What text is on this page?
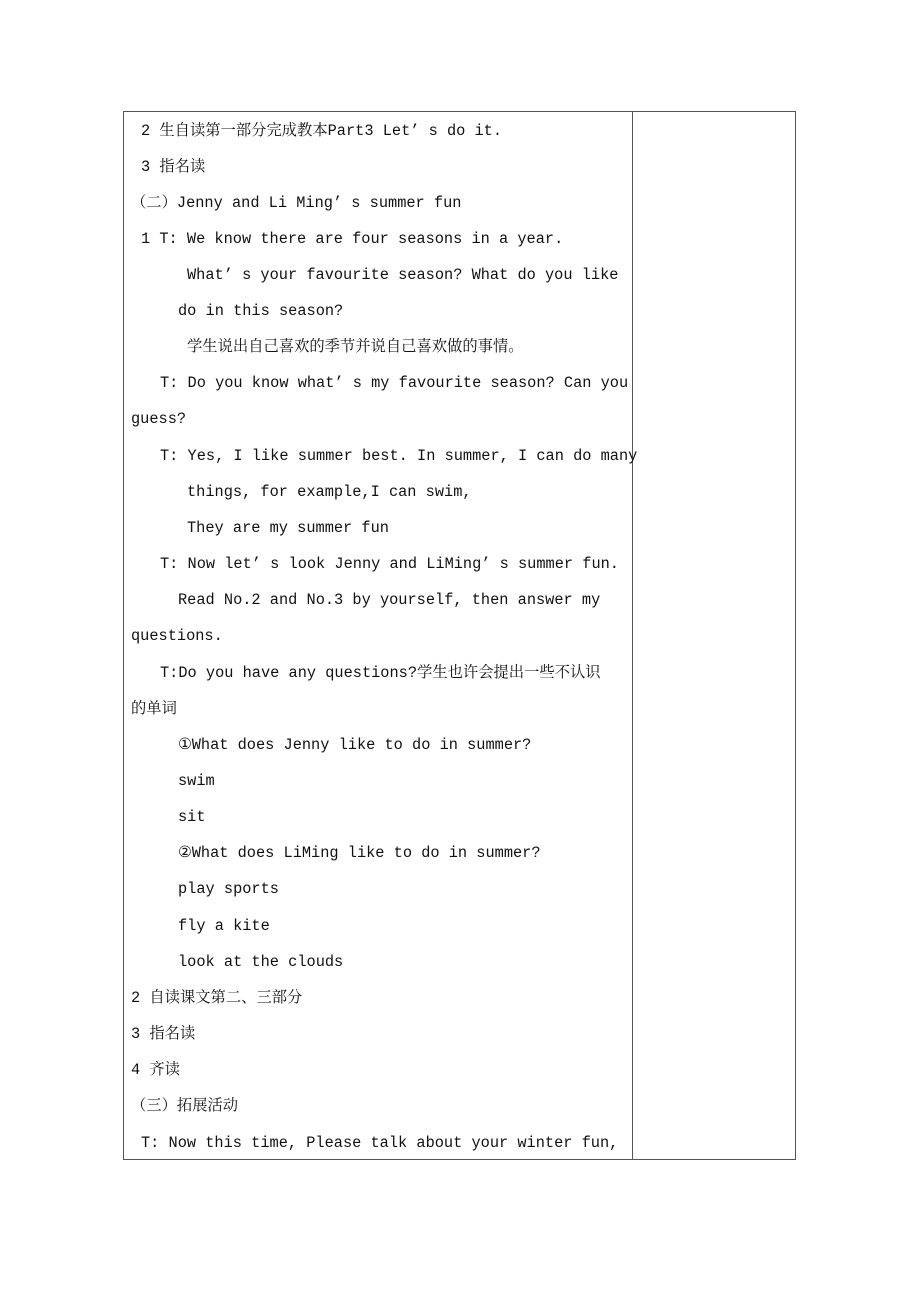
2 生自读第一部分完成教本Part3 Let’ s do it.
3 指名读
（二）Jenny and Li Ming’ s summer fun
1 T: We know there are four seasons in a year.
What’ s your favourite season? What do you like
do in this season?
学生说出自己喜欢的季节并说自己喜欢做的事情。
T: Do you know what’ s my favourite season? Can you
guess?
T: Yes, I like summer best. In summer, I can do many
things, for example,I can swim,
They are my summer fun
T: Now let’ s look Jenny and LiMing’ s summer fun.
Read No.2 and No.3 by yourself, then answer my
questions.
T:Do you have any questions?学生也许会提出一些不认识
的单词
①What does Jenny like to do in summer?
swim
sit
②What does LiMing like to do in summer?
play sports
fly a kite
look at the clouds
2 自读课文第二、三部分
3 指名读
4 齐读
（三）拓展活动
T: Now this time, Please talk about your winter fun,
